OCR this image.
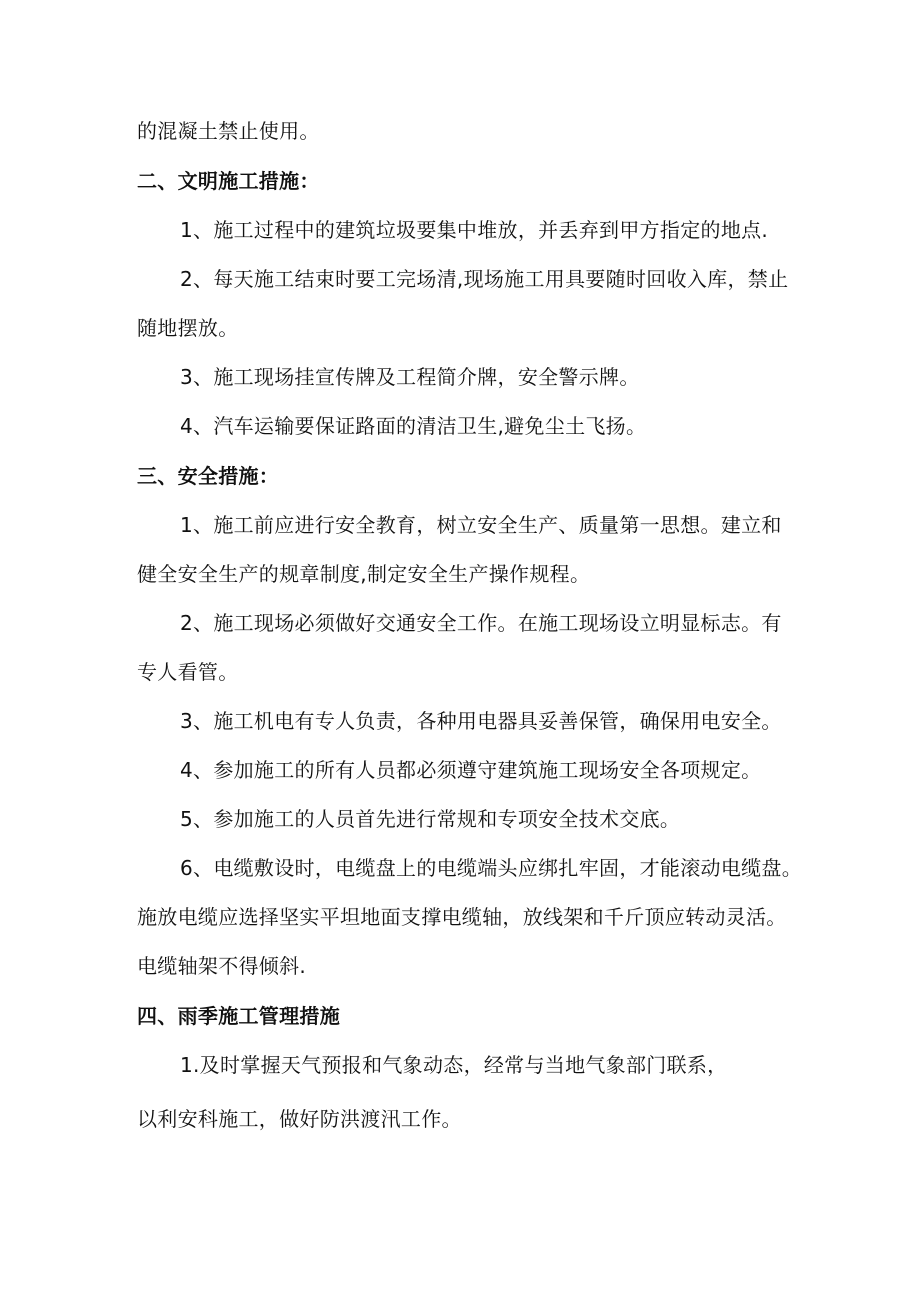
的混凝土禁止使用。
二、文明施工措施：
1、施工过程中的建筑垃圾要集中堆放，并丢弃到甲方指定的地点.
2、每天施工结束时要工完场清,现场施工用具要随时回收入库，禁止
随地摆放。
3、施工现场挂宣传牌及工程简介牌，安全警示牌。
4、汽车运输要保证路面的清洁卫生,避免尘土飞扬。
三、安全措施：
1、施工前应进行安全教育，树立安全生产、质量第一思想。建立和
健全安全生产的规章制度,制定安全生产操作规程。
2、施工现场必须做好交通安全工作。在施工现场设立明显标志。有
专人看管。
3、施工机电有专人负责，各种用电器具妥善保管，确保用电安全。
4、参加施工的所有人员都必须遵守建筑施工现场安全各项规定。
5、参加施工的人员首先进行常规和专项安全技术交底。
6、电缆敷设时，电缆盘上的电缆端头应绑扎牢固，才能滚动电缆盘。
施放电缆应选择坚实平坦地面支撑电缆轴，放线架和千斤顶应转动灵活。
电缆轴架不得倾斜.
四、雨季施工管理措施
1.及时掌握天气预报和气象动态，经常与当地气象部门联系，
以利安科施工，做好防洪渡汛工作。
